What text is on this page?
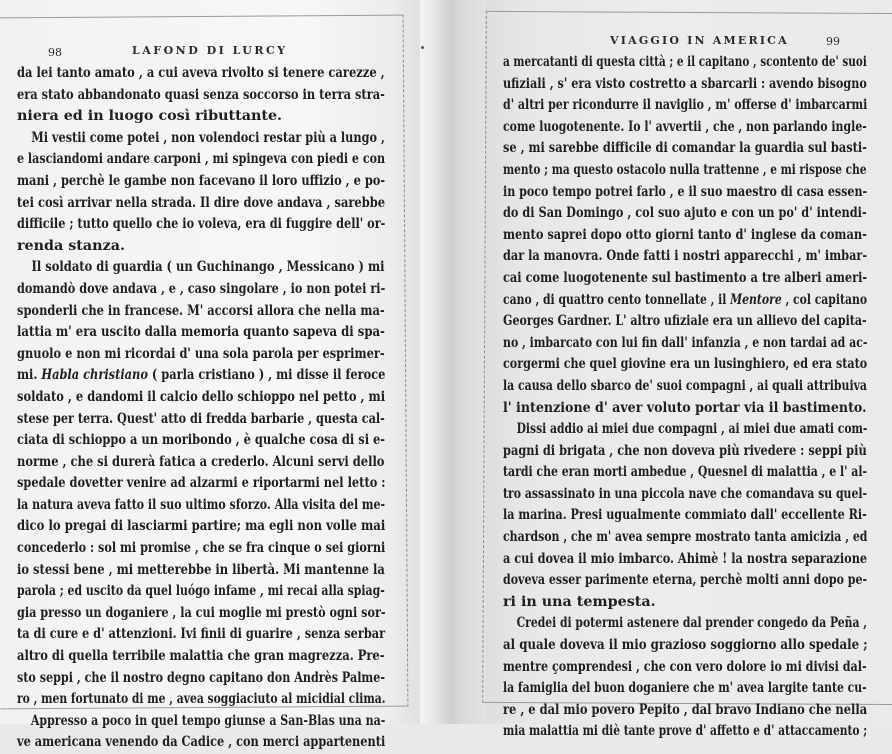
98	LAFOND DI LURCY
VIAGGIO IN AMERICA	99
da lei tanto amato , a cui aveva rivolto si tenere carezze ,
era stato abbandonato quasi senza soccorso in terra stra-
niera ed in luogo così ributtante.
Mi vestii come potei , non volendoci restar più a lungo ,
e lasciandomi andare carponi , mi spingeva con piedi e con
mani , perchè le gambe non facevano il loro uffizio , e po-
tei così arrivar nella strada. Il dire dove andava , sarebbe
difficile ; tutto quello che io voleva, era di fuggire dell' or-
renda stanza.
Il soldato di guardia ( un Guchinango , Messicano ) mi
domandò dove andava , e , caso singolare , io non potei ri-
sponderli che in francese. M' accorsi allora che nella ma-
lattia m' era uscito dalla memoria quanto sapeva di spa-
gnuolo e non mi ricordai d' una sola parola per esprimer-
mi. Habla christiano ( parla cristiano ) , mi disse il feroce
soldato , e dandomi il calcio dello schioppo nel petto , mi
stese per terra. Quest' atto di fredda barbarie , questa cal-
ciata di schioppo a un moribondo , è qualche cosa di si e-
norme , che si durerà fatica a crederlo. Alcuni servi dello
spedale dovetter venire ad alzarmi e riportarmi nel letto :
la natura aveva fatto il suo ultimo sforzo. Alla visita del me-
dico lo pregai di lasciarmi partire; ma egli non volle mai
concederlo : sol mi promise , che se fra cinque o sei giorni
io stessi bene , mi metterebbe in libertà. Mi mantenne la
parola ; ed uscito da quel luógo infame , mi recai alla spiag-
gia presso un doganiere , la cui moglie mi prestò ogni sor-
ta di cure e d' attenzioni. Ivi finii di guarire , senza serbar
altro di quella terribile malattia che gran magrezza. Pre-
sto seppi , che il nostro degno capitano don Andrès Palme-
ro , men fortunato di me , avea soggiaciuto al micidial clima.
Appresso a poco in quel tempo giunse a San-Blas una na-
ve americana venendo da Cadice , con merci appartenenti
a mercatanti di questa città ; e il capitano , scontento de' suoi
ufiziali , s' era visto costretto a sbarcarli : avendo bisogno
d' altri per ricondurre il naviglio , m' offerse d' imbarcarmi
come luogotenente. Io l' avvertii , che , non parlando ingle-
se , mi sarebbe difficile di comandar la guardia sul basti-
mento ; ma questo ostacolo nulla trattenne , e mi rispose che
in poco tempo potrei farlo , e il suo maestro di casa essen-
do di San Domingo , col suo ajuto e con un po' d' intendi-
mento saprei dopo otto giorni tanto d' inglese da coman-
dar la manovra. Onde fatti i nostri apparecchi , m' imbar-
cai come luogotenente sul bastimento a tre alberi ameri-
cano , di quattro cento tonnellate , il Mentore , col capitano
Georges Gardner. L' altro ufiziale era un allievo del capita-
no , imbarcato con lui fin dall' infanzia , e non tardai ad ac-
corgermi che quel giovine era un lusinghiero, ed era stato
la causa dello sbarco de' suoi compagni , ai quali attribuiva
l' intenzione d' aver voluto portar via il bastimento.
Dissi addio ai miei due compagni , ai miei due amati com-
pagni di brigata , che non doveva più rivedere : seppi più
tardi che eran morti ambedue , Quesnel di malattia , e l' al-
tro assassinato in una piccola nave che comandava su quel-
la marina. Presi ugualmente commiato dall' eccellente Ri-
chardson , che m' avea sempre mostrato tanta amicizia , ed
a cui dovea il mio imbarco. Ahimè ! la nostra separazione
doveva esser parimente eterna, perchè molti anni dopo pe-
ri in una tempesta.
Credei di potermi astenere dal prender congedo da Peña ,
al quale doveva il mio grazioso soggiorno allo spedale ;
mentre çomprendesi , che con vero dolore io mi divisi dal-
la famiglia del buon doganiere che m' avea largite tante cu-
re , e dal mio povero Pepito , dal bravo Indiano che nella
mia malattia mi diè tante prove d' affetto e d' attaccamento ;
